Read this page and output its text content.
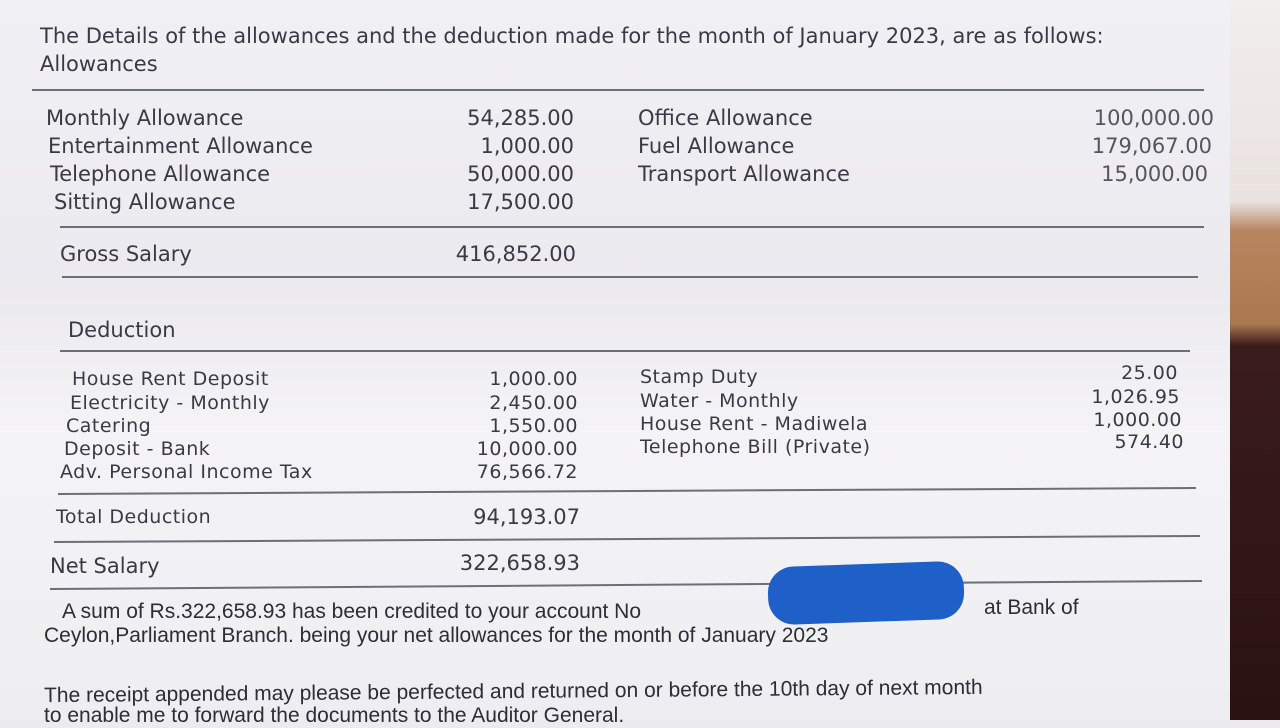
The Details of the allowances and the deduction made for the month of January 2023, are as follows:
Allowances
Monthly Allowance	54,285.00
Entertainment Allowance	1,000.00
Telephone Allowance	50,000.00
Sitting Allowance	17,500.00
Office Allowance	100,000.00
Fuel Allowance	179,067.00
Transport Allowance	15,000.00
Gross Salary	416,852.00
Deduction
House Rent Deposit	1,000.00
Electricity - Monthly	2,450.00
Catering	1,550.00
Deposit - Bank	10,000.00
Adv. Personal Income Tax	76,566.72
Stamp Duty	25.00
Water - Monthly	1,026.95
House Rent - Madiwela	1,000.00
Telephone Bill (Private)	574.40
Total Deduction	94,193.07
Net Salary	322,658.93
A sum of Rs.322,658.93 has been credited to your account No	at Bank of
Ceylon,Parliament Branch. being your net allowances for the month of January 2023
The receipt appended may please be perfected and returned on or before the 10th day of next month
to enable me to forward the documents to the Auditor General.
